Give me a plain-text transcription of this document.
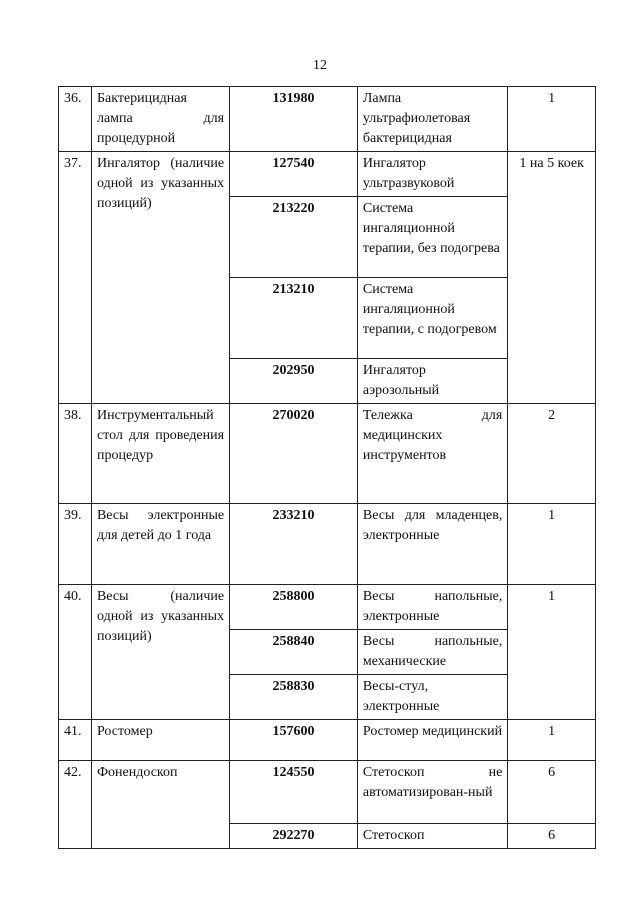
12
36.	Бактерицидная лампа для процедурной	131980	Лампа ультрафиолетовая бактерицидная	1
37.	Ингалятор (наличие одной из указанных позиций)	127540	Ингалятор ультразвуковой	1 на 5 коек
		213220	Система ингаляционной терапии, без подогрева	
		213210	Система ингаляционной терапии, с подогревом	
		202950	Ингалятор аэрозольный	
38.	Инструментальный стол для проведения процедур	270020	Тележка для медицинских инструментов	2
39.	Весы электронные для детей до 1 года	233210	Весы для младенцев, электронные	1
40.	Весы (наличие одной из указанных позиций)	258800	Весы напольные, электронные	1
		258840	Весы напольные, механические	
		258830	Весы-стул, электронные	
41.	Ростомер	157600	Ростомер медицинский	1
42.	Фонендоскоп	124550	Стетоскоп не автоматизирован-ный	6
		292270	Стетоскоп	6
